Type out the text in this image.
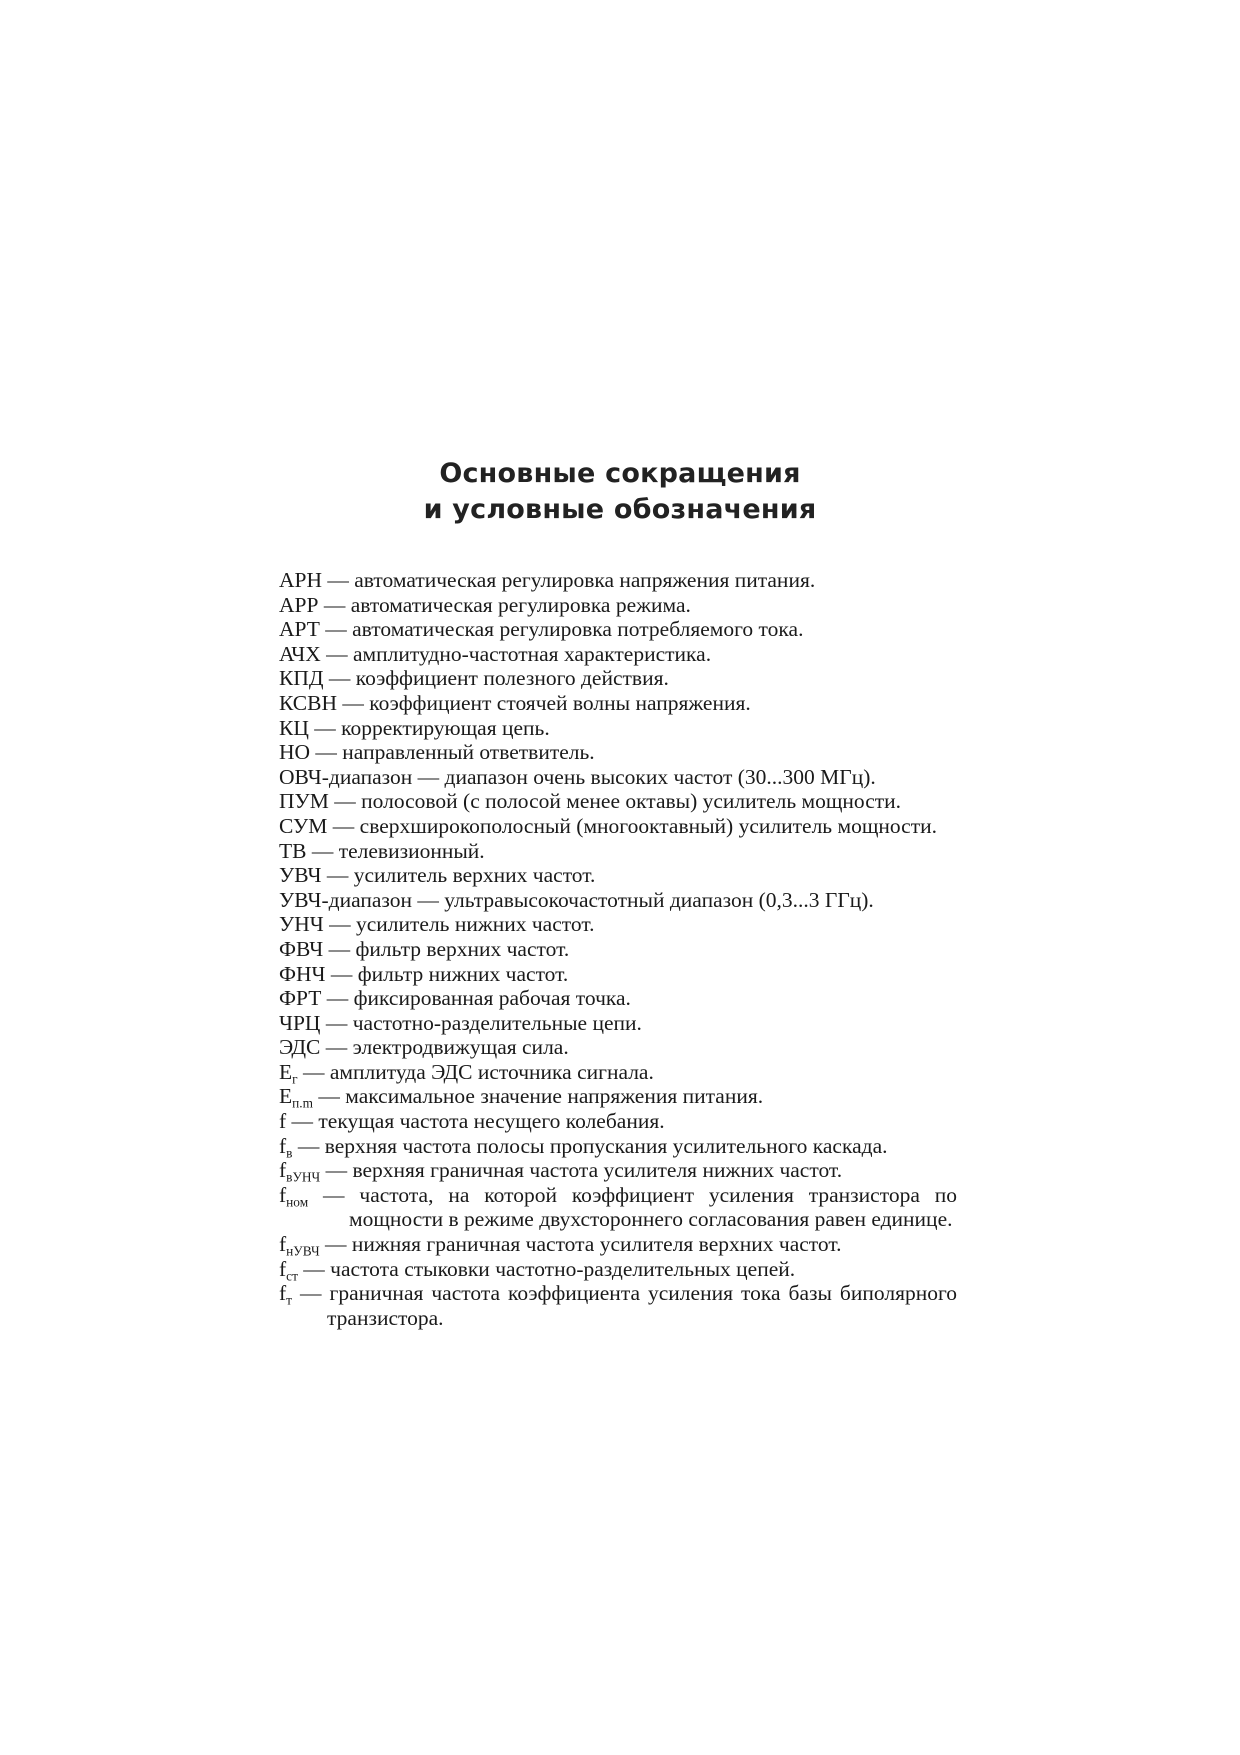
Основные сокращения
и условные обозначения
АРН — автоматическая регулировка напряжения питания.
АРР — автоматическая регулировка режима.
АРТ — автоматическая регулировка потребляемого тока.
АЧХ — амплитудно-частотная характеристика.
КПД — коэффициент полезного действия.
КСВН — коэффициент стоячей волны напряжения.
КЦ — корректирующая цепь.
НО — направленный ответвитель.
ОВЧ-диапазон — диапазон очень высоких частот (30...300 МГц).
ПУМ — полосовой (с полосой менее октавы) усилитель мощности.
СУМ — сверхширокополосный (многооктавный) усилитель мощности.
ТВ — телевизионный.
УВЧ — усилитель верхних частот.
УВЧ-диапазон — ультравысокочастотный диапазон (0,3...3 ГГц).
УНЧ — усилитель нижних частот.
ФВЧ — фильтр верхних частот.
ФНЧ — фильтр нижних частот.
ФРТ — фиксированная рабочая точка.
ЧРЦ — частотно-разделительные цепи.
ЭДС — электродвижущая сила.
$E_г$ — амплитуда ЭДС источника сигнала.
$E_{п.m}$ — максимальное значение напряжения питания.
f — текущая частота несущего колебания.
$f_в$ — верхняя частота полосы пропускания усилительного каскада.
$f_{вУНЧ}$ — верхняя граничная частота усилителя нижних частот.
$f_{ном}$ — частота, на которой коэффициент усиления транзистора по мощности в режиме двухстороннего согласования равен единице.
$f_{нУВЧ}$ — нижняя граничная частота усилителя верхних частот.
$f_{ст}$ — частота стыковки частотно-разделительных цепей.
$f_т$ — граничная частота коэффициента усиления тока базы биполярного транзистора.
